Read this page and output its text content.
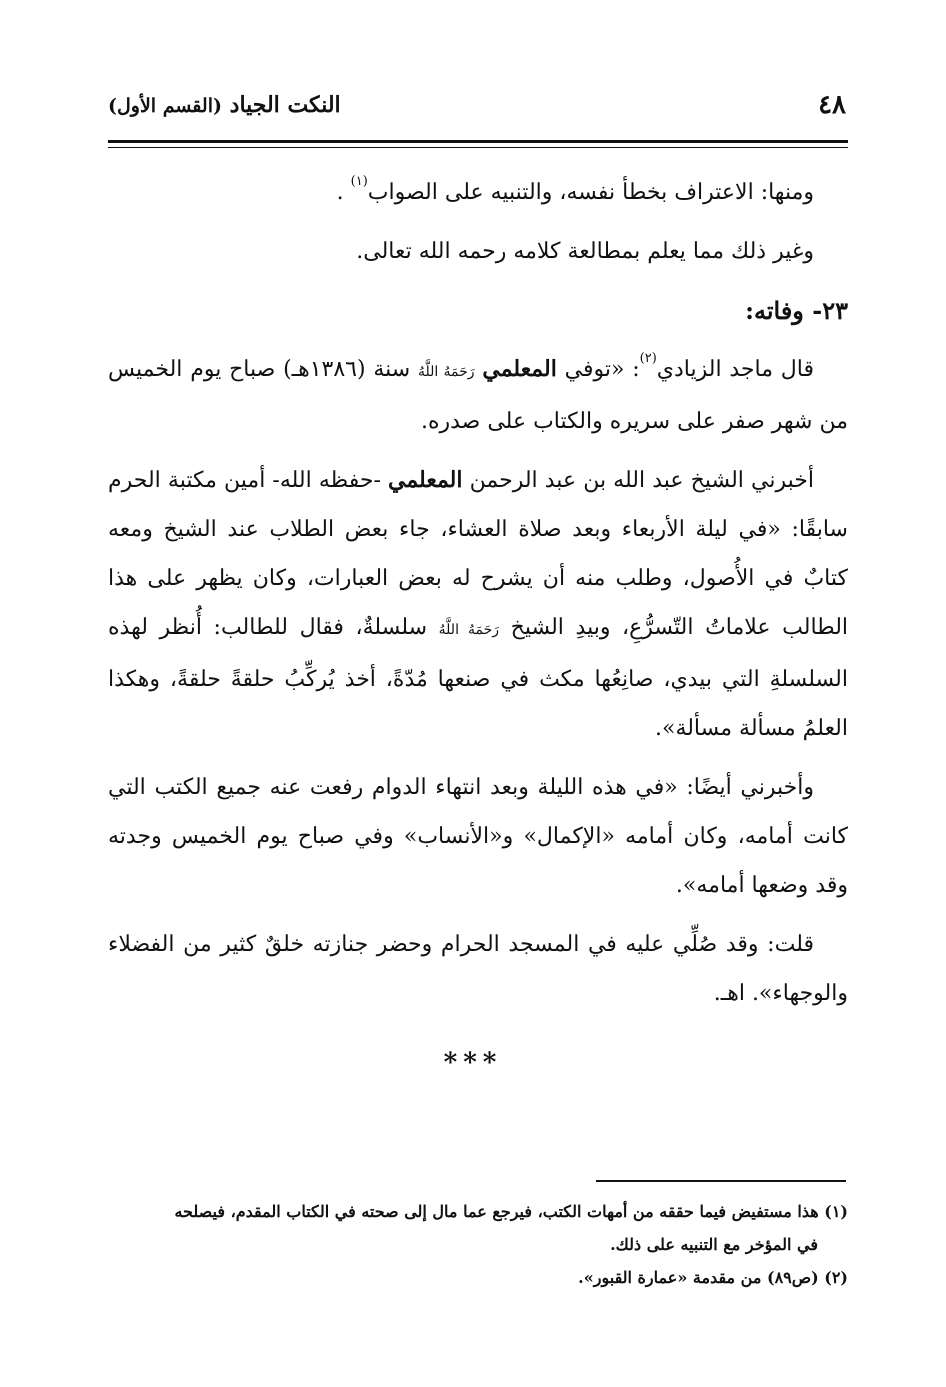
٤٨
النكت الجياد (القسم الأول)

ومنها: الاعتراف بخطأ نفسه، والتنبيه على الصواب$^{(١)}$ .

وغير ذلك مما يعلم بمطالعة كلامه رحمه الله تعالى.

٢٣- وفاته:

قال ماجد الزيادي$^{(٢)}$: «توفي المعلمي رَحَمَهُ اللَّهُ سنة (١٣٨٦هـ) صباح يوم الخميس من شهر صفر على سريره والكتاب على صدره.

أخبرني الشيخ عبد الله بن عبد الرحمن المعلمي -حفظه الله- أمين مكتبة الحرم سابقًا: «في ليلة الأربعاء وبعد صلاة العشاء، جاء بعض الطلاب عند الشيخ ومعه كتابٌ في الأُصول، وطلب منه أن يشرح له بعض العبارات، وكان يظهر على هذا الطالب علاماتُ التّسرُّعِ، وبيدِ الشيخ رَحَمَهُ اللَّهُ سلسلةٌ، فقال للطالب: أُنظر لهذه السلسلةِ التي بيدي، صانِعُها مكث في صنعها مُدّةً، أخذ يُركِّبُ حلقةً حلقةً، وهكذا العلمُ مسألة مسألة».

وأخبرني أيضًا: «في هذه الليلة وبعد انتهاء الدوام رفعت عنه جميع الكتب التي كانت أمامه، وكان أمامه «الإكمال» و«الأنساب» وفي صباح يوم الخميس وجدته وقد وضعها أمامه».

قلت: وقد صُلِّي عليه في المسجد الحرام وحضر جنازته خلقٌ كثير من الفضلاء والوجهاء». اهـ.

***

(١) هذا مستفيض فيما حققه من أمهات الكتب، فيرجع عما مال إلى صحته في الكتاب المقدم، فيصلحه

في المؤخر مع التنبيه على ذلك.

(٢) (ص٨٩) من مقدمة «عمارة القبور».
